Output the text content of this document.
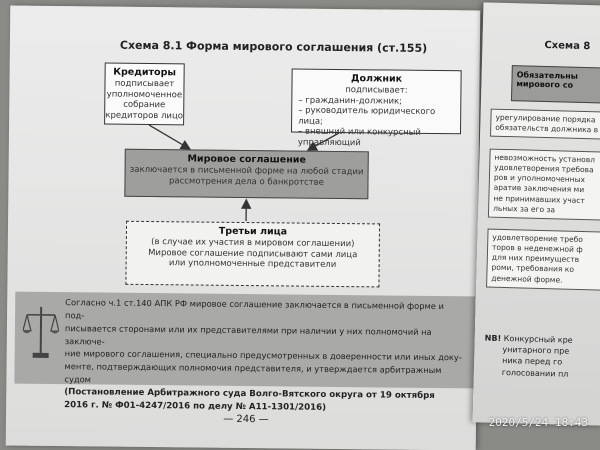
Схема 8.1 Форма мирового соглашения (ст.155)
Кредиторы
подписывает
уполномоченное
собрание
кредиторов лицо
Должник
подписывает:
– гражданин-должник;
– руководитель юридического лица;
– внешний или конкурсный управляющий
Мировое соглашение
заключается в письменной форме на любой стадии
рассмотрения дела о банкротстве
Третьи лица
(в случае их участия в мировом соглашении)
Мировое соглашение подписывают сами лица
или уполномоченные представители
Согласно ч.1 ст.140 АПК РФ мировое соглашение заключается в письменной форме и под-
писывается сторонами или их представителями при наличии у них полномочий на заключе-
ние мирового соглашения, специально предусмотренных в доверенности или иных доку-
менте, подтверждающих полномочия представителя, и утверждается арбитражным судом
(Постановление Арбитражного суда Волго-Вятского округа от 19 октября
2016 г. № Ф01-4247/2016 по делу № А11-1301/2016)
— 246 —
Схема 8
Обязательны мирового со
урегулирование порядка
обязательств должника в
невозможность установл
удовлетворения требова
ров и уполномоченных
аратив заключения ми
не принимавших участ
льных за его за
удовлетворение требо
торов в неденежной ф
для них преимуществ
роми, требования ко
денежной форме.
NB! Конкурсный кре
унитарного пре
ника перед го
голосовании пл
2020/5/24 18:43
